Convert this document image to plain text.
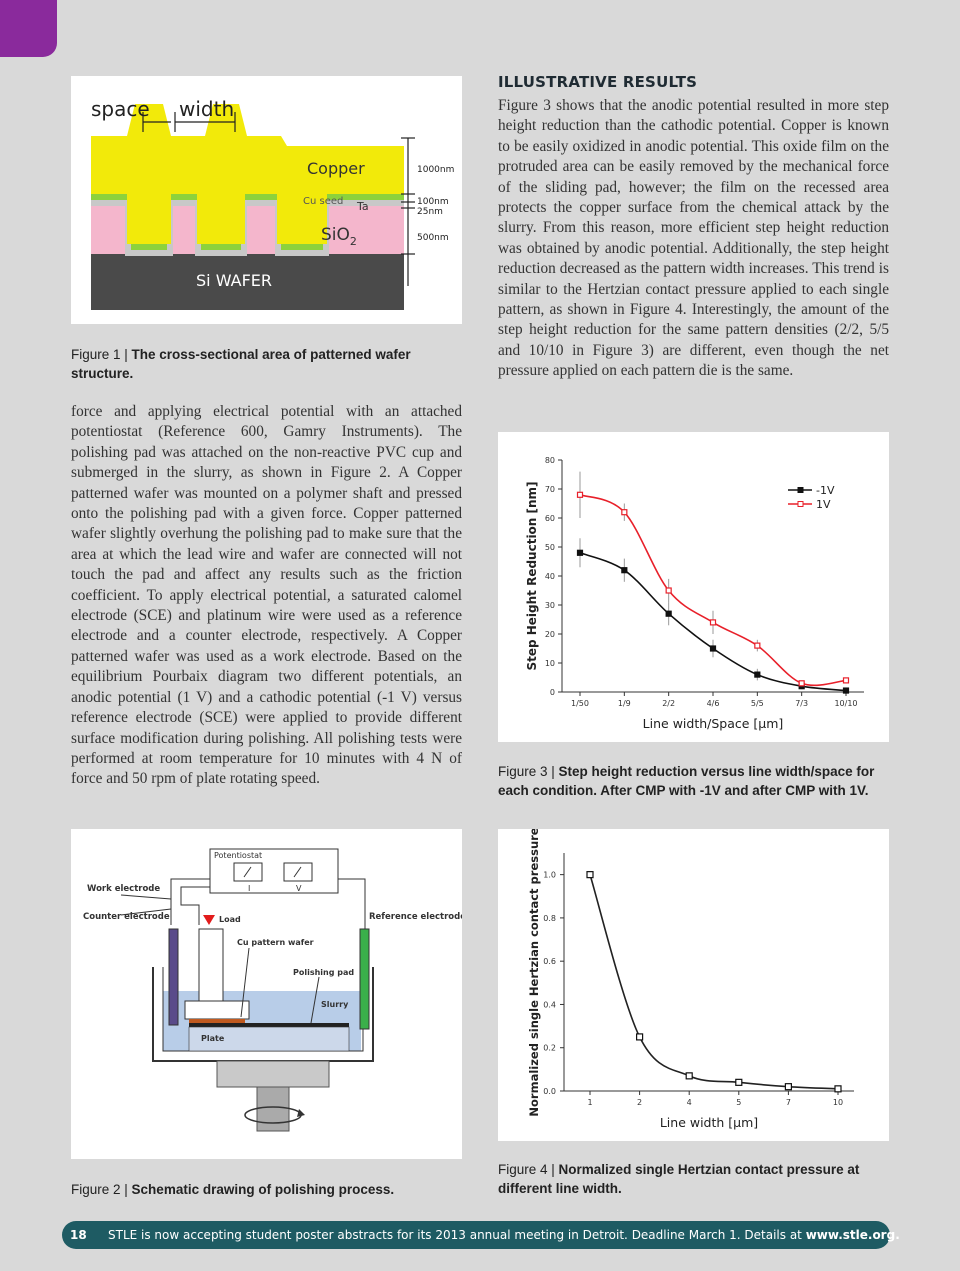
space width
Copper
Cu seed Ta
SiO$_2$
Si WAFER
1000nm
100nm
25nm
500nm
Figure 1 | The cross-sectional area of patterned wafer structure.

force and applying electrical potential with an attached potentiostat (Reference 600, Gamry Instruments). The polishing pad was attached on the non-reactive PVC cup and submerged in the slurry, as shown in Figure 2. A Copper patterned wafer was mounted on a polymer shaft and pressed onto the polishing pad with a given force. Copper patterned wafer slightly overhung the polishing pad to make sure that the area at which the lead wire and wafer are connected will not touch the pad and affect any results such as the friction coefficient. To apply electrical potential, a saturated calomel electrode (SCE) and platinum wire were used as a reference electrode and a counter electrode, respectively. A Copper patterned wafer was used as a work electrode. Based on the equilibrium Pourbaix diagram two different potentials, an anodic potential (1 V) and a cathodic potential (-1 V) versus reference electrode (SCE) were applied to provide different surface modification during polishing. All polishing tests were performed at room temperature for 10 minutes with 4 N of force and 50 rpm of plate rotating speed.

Potentiostat
I	V
Work electrode
Counter electrode	Reference electrode
Load
Cu pattern wafer
Polishing pad
Slurry
Plate
Figure 2 | Schematic drawing of polishing process.
ILLUSTRATIVE RESULTS

Figure 3 shows that the anodic potential resulted in more step height reduction than the cathodic potential. Copper is known to be easily oxidized in anodic potential. This oxide film on the protruded area can be easily removed by the mechanical force of the sliding pad, however; the film on the recessed area protects the copper surface from the chemical attack by the slurry. From this reason, more efficient step height reduction was obtained by anodic potential. Additionally, the step height reduction decreased as the pattern width increases. This trend is similar to the Hertzian contact pressure applied to each single pattern, as shown in Figure 4. Interestingly, the amount of the step height reduction for the same pattern densities (2/2, 5/5 and 10/10 in Figure 3) are different, even though the net pressure applied on each pattern die is the same.

0
10
20
30
40
50
60
70
80
1/50	1/9	2/2	4/6	5/5	7/3	10/10
Line width/Space [μm]
Step Height Reduction [nm]	-1V
1V
Figure 3 | Step height reduction versus line width/space for each condition. After CMP with -1V and after CMP with 1V.
0.0
0.2
0.4
0.6
0.8
1.0
1	2	4	5	7	10
Line width [μm]
Normalized single Hertzian contact pressure
Figure 4 | Normalized single Hertzian contact pressure at different line width.
18 STLE is now accepting student poster abstracts for its 2013 annual meeting in Detroit. Deadline March 1. Details at www.stle.org.
